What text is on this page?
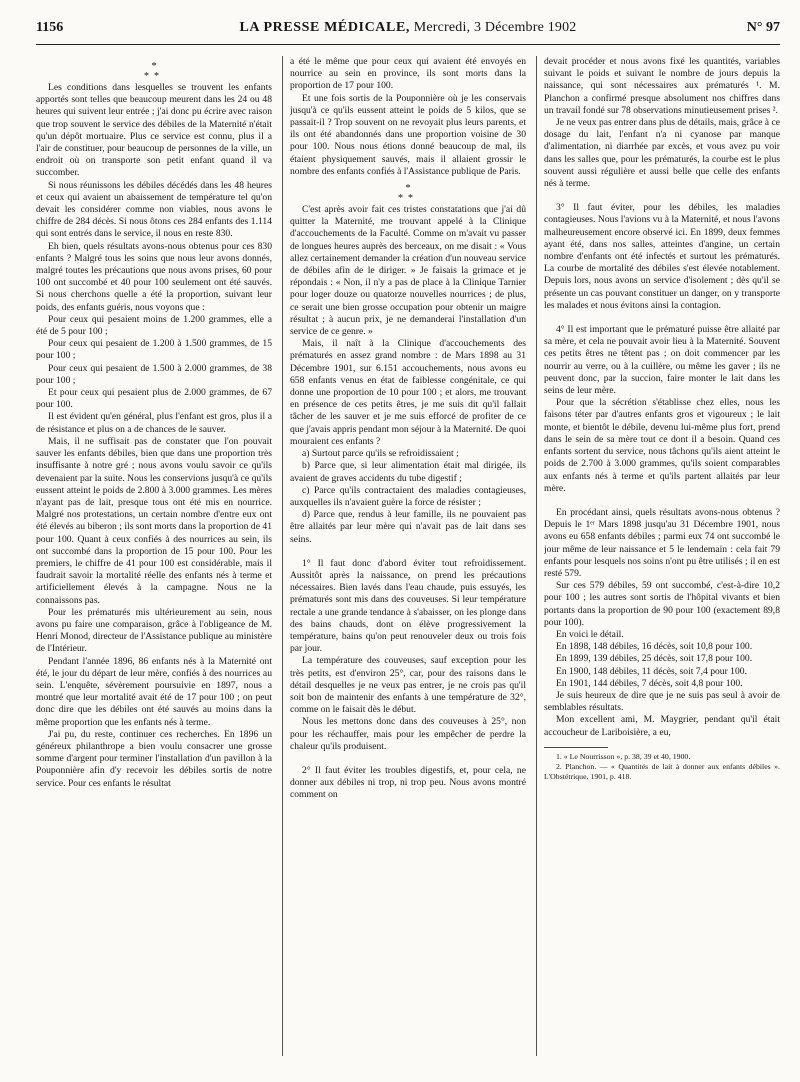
1156	LA PRESSE MÉDICALE, Mercredi, 3 Décembre 1902	N° 97
*
**

Les conditions dans lesquelles se trouvent les enfants apportés sont telles que beaucoup meurent dans les 24 ou 48 heures qui suivent leur entrée ; j'ai donc pu écrire avec raison que trop souvent le service des débiles de la Maternité n'était qu'un dépôt mortuaire. Plus ce service est connu, plus il a l'air de constituer, pour beaucoup de personnes de la ville, un endroit où on transporte son petit enfant quand il va succomber.

Si nous réunissons les débiles décédés dans les 48 heures et ceux qui avaient un abaissement de température tel qu'on devait les considérer comme non viables, nous avons le chiffre de 284 décès. Si nous ôtons ces 284 enfants des 1.114 qui sont entrés dans le service, il nous en reste 830.

Eh bien, quels résultats avons-nous obtenus pour ces 830 enfants ? Malgré tous les soins que nous leur avons donnés, malgré toutes les précautions que nous avons prises, 60 pour 100 ont succombé et 40 pour 100 seulement ont été sauvés. Si nous cherchons quelle a été la proportion, suivant leur poids, des enfants guéris, nous voyons que :

Pour ceux qui pesaient moins de 1.200 grammes, elle a été de 5 pour 100 ;

Pour ceux qui pesaient de 1.200 à 1.500 grammes, de 15 pour 100 ;

Pour ceux qui pesaient de 1.500 à 2.000 grammes, de 38 pour 100 ;

Et pour ceux qui pesaient plus de 2.000 grammes, de 67 pour 100.

Il est évident qu'en général, plus l'enfant est gros, plus il a de résistance et plus on a de chances de le sauver.

Mais, il ne suffisait pas de constater que l'on pouvait sauver les enfants débiles, bien que dans une proportion très insuffisante à notre gré ; nous avons voulu savoir ce qu'ils devenaient par la suite. Nous les conservions jusqu'à ce qu'ils eussent atteint le poids de 2.800 à 3.000 grammes. Les mères n'ayant pas de lait, presque tous ont été mis en nourrice. Malgré nos protestations, un certain nombre d'entre eux ont été élevés au biberon ; ils sont morts dans la proportion de 41 pour 100. Quant à ceux confiés à des nourrices au sein, ils ont succombé dans la proportion de 15 pour 100. Pour les premiers, le chiffre de 41 pour 100 est considérable, mais il faudrait savoir la mortalité réelle des enfants nés à terme et artificiellement élevés à la campagne. Nous ne la connaissons pas.

Pour les prématurés mis ultérieurement au sein, nous avons pu faire une comparaison, grâce à l'obligeance de M. Henri Monod, directeur de l'Assistance publique au ministère de l'Intérieur.

Pendant l'année 1896, 86 enfants nés à la Maternité ont été, le jour du départ de leur mère, confiés à des nourrices au sein. L'enquête, sévèrement poursuivie en 1897, nous a montré que leur mortalité avait été de 17 pour 100 ; on peut donc dire que les débiles ont été sauvés au moins dans la même proportion que les enfants nés à terme.

J'ai pu, du reste, continuer ces recherches. En 1896 un généreux philanthrope a bien voulu consacrer une grosse somme d'argent pour terminer l'installation d'un pavillon à la Pouponnière afin d'y recevoir les débiles sortis de notre service. Pour ces enfants le résultat

a été le même que pour ceux qui avaient été envoyés en nourrice au sein en province, ils sont morts dans la proportion de 17 pour 100.

Et une fois sortis de la Pouponnière où je les conservais jusqu'à ce qu'ils eussent atteint le poids de 5 kilos, que se passait-il ? Trop souvent on ne revoyait plus leurs parents, et ils ont été abandonnés dans une proportion voisine de 30 pour 100. Nous nous étions donné beaucoup de mal, ils étaient physiquement sauvés, mais il allaient grossir le nombre des enfants confiés à l'Assistance publique de Paris.

*
**

C'est après avoir fait ces tristes constatations que j'ai dû quitter la Maternité, me trouvant appelé à la Clinique d'accouchements de la Faculté. Comme on m'avait vu passer de longues heures auprès des berceaux, on me disait : « Vous allez certainement demander la création d'un nouveau service de débiles afin de le diriger. » Je faisais la grimace et je répondais : « Non, il n'y a pas de place à la Clinique Tarnier pour loger douze ou quatorze nouvelles nourrices ; de plus, ce serait une bien grosse occupation pour obtenir un maigre résultat ; à aucun prix, je ne demanderai l'installation d'un service de ce genre. »

Mais, il naît à la Clinique d'accouchements des prématurés en assez grand nombre : de Mars 1898 au 31 Décembre 1901, sur 6.151 accouchements, nous avons eu 658 enfants venus en état de faiblesse congénitale, ce qui donne une proportion de 10 pour 100 ; et alors, me trouvant en présence de ces petits êtres, je me suis dit qu'il fallait tâcher de les sauver et je me suis efforcé de profiter de ce que j'avais appris pendant mon séjour à la Maternité. De quoi mouraient ces enfants ?

a) Surtout parce qu'ils se refroidissaient ;

b) Parce que, si leur alimentation était mal dirigée, ils avaient de graves accidents du tube digestif ;

c) Parce qu'ils contractaient des maladies contagieuses, auxquelles ils n'avaient guère la force de résister ;

d) Parce que, rendus à leur famille, ils ne pouvaient pas être allaités par leur mère qui n'avait pas de lait dans ses seins.

1° Il faut donc d'abord éviter tout refroidissement. Aussitôt après la naissance, on prend les précautions nécessaires. Bien lavés dans l'eau chaude, puis essuyés, les prématurés sont mis dans des couveuses. Si leur température rectale a une grande tendance à s'abaisser, on les plonge dans des bains chauds, dont on élève progressivement la température, bains qu'on peut renouveler deux ou trois fois par jour.

La température des couveuses, sauf exception pour les très petits, est d'environ 25°, car, pour des raisons dans le détail desquelles je ne veux pas entrer, je ne crois pas qu'il soit bon de maintenir des enfants à une température de 32°, comme on le faisait dès le début.

Nous les mettons donc dans des couveuses à 25°, non pour les réchauffer, mais pour les empêcher de perdre la chaleur qu'ils produisent.

2° Il faut éviter les troubles digestifs, et, pour cela, ne donner aux débiles ni trop, ni trop peu. Nous avons montré comment on

devait procéder et nous avons fixé les quantités, variables suivant le poids et suivant le nombre de jours depuis la naissance, qui sont nécessaires aux prématurés ¹. M. Planchon a confirmé presque absolument nos chiffres dans un travail fondé sur 78 observations minutieusement prises ².

Je ne veux pas entrer dans plus de détails, mais, grâce à ce dosage du lait, l'enfant n'a ni cyanose par manque d'alimentation, ni diarrhée par excès, et vous avez pu voir dans les salles que, pour les prématurés, la courbe est le plus souvent aussi régulière et aussi belle que celle des enfants nés à terme.

3° Il faut éviter, pour les débiles, les maladies contagieuses. Nous l'avions vu à la Maternité, et nous l'avons malheureusement encore observé ici. En 1899, deux femmes ayant été, dans nos salles, atteintes d'angine, un certain nombre d'enfants ont été infectés et surtout les prématurés. La courbe de mortalité des débiles s'est élevée notablement. Depuis lors, nous avons un service d'isolement ; dès qu'il se présente un cas pouvant constituer un danger, on y transporte les malades et nous évitons ainsi la contagion.

4° Il est important que le prématuré puisse être allaité par sa mère, et cela ne pouvait avoir lieu à la Maternité. Souvent ces petits êtres ne têtent pas ; on doit commencer par les nourrir au verre, ou à la cuillère, ou même les gaver ; ils ne peuvent donc, par la succion, faire monter le lait dans les seins de leur mère.

Pour que la sécrétion s'établisse chez elles, nous les faisons téter par d'autres enfants gros et vigoureux ; le lait monte, et bientôt le débile, devenu lui-même plus fort, prend dans le sein de sa mère tout ce dont il a besoin. Quand ces enfants sortent du service, nous tâchons qu'ils aient atteint le poids de 2.700 à 3.000 grammes, qu'ils soient comparables aux enfants nés à terme et qu'ils partent allaités par leur mère.

En procédant ainsi, quels résultats avons-nous obtenus ? Depuis le 1ᵉʳ Mars 1898 jusqu'au 31 Décembre 1901, nous avons eu 658 enfants débiles ; parmi eux 74 ont succombé le jour même de leur naissance et 5 le lendemain : cela fait 79 enfants pour lesquels nos soins n'ont pu être utilisés ; il en est resté 579.

Sur ces 579 débiles, 59 ont succombé, c'est-à-dire 10,2 pour 100 ; les autres sont sortis de l'hôpital vivants et bien portants dans la proportion de 90 pour 100 (exactement 89,8 pour 100).

En voici le détail.

En 1898, 148 débiles, 16 décès, soit 10,8 pour 100.

En 1899, 139 débiles, 25 décès, soit 17,8 pour 100.

En 1900, 148 débiles, 11 décès, soit 7,4 pour 100.

En 1901, 144 débiles, 7 décès, soit 4,8 pour 100.

Je suis heureux de dire que je ne suis pas seul à avoir de semblables résultats.

Mon excellent ami, M. Maygrier, pendant qu'il était accoucheur de Lariboisière, a eu,

1. « Le Nourrisson », p. 38, 39 et 40, 1900.

2. Planchon. — « Quantités de lait à donner aux enfants débiles ». L'Obstétrique, 1901, p. 418.
